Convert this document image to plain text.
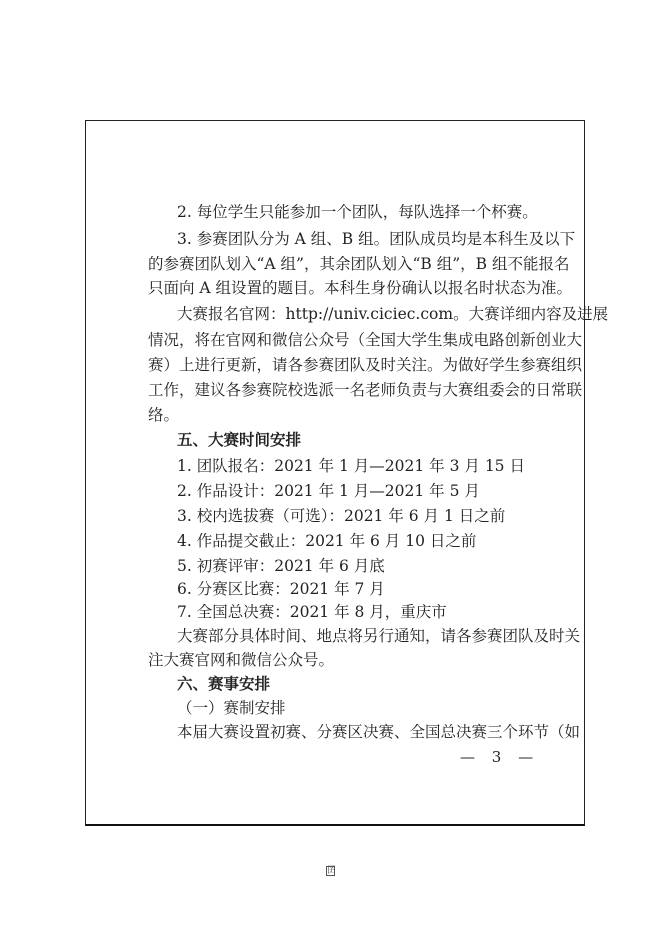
2. 每位学生只能参加一个团队，每队选择一个杯赛。
3. 参赛团队分为 A 组、B 组。团队成员均是本科生及以下
的参赛团队划入“A 组”，其余团队划入“B 组”，B 组不能报名
只面向 A 组设置的题目。本科生身份确认以报名时状态为准。
大赛报名官网：http://univ.ciciec.com。大赛详细内容及进展
情况，将在官网和微信公众号（全国大学生集成电路创新创业大
赛）上进行更新，请各参赛团队及时关注。为做好学生参赛组织
工作，建议各参赛院校选派一名老师负责与大赛组委会的日常联
络。
五、大赛时间安排
1. 团队报名：2021 年 1 月—2021 年 3 月 15 日
2. 作品设计：2021 年 1 月—2021 年 5 月
3. 校内选拔赛（可选）：2021 年 6 月 1 日之前
4. 作品提交截止：2021 年 6 月 10 日之前
5. 初赛评审：2021 年 6 月底
6. 分赛区比赛：2021 年 7 月
7. 全国总决赛：2021 年 8 月，重庆市
大赛部分具体时间、地点将另行通知，请各参赛团队及时关
注大赛官网和微信公众号。
六、赛事安排
（一）赛制安排
本届大赛设置初赛、分赛区决赛、全国总决赛三个环节（如
— 3 —
囝
